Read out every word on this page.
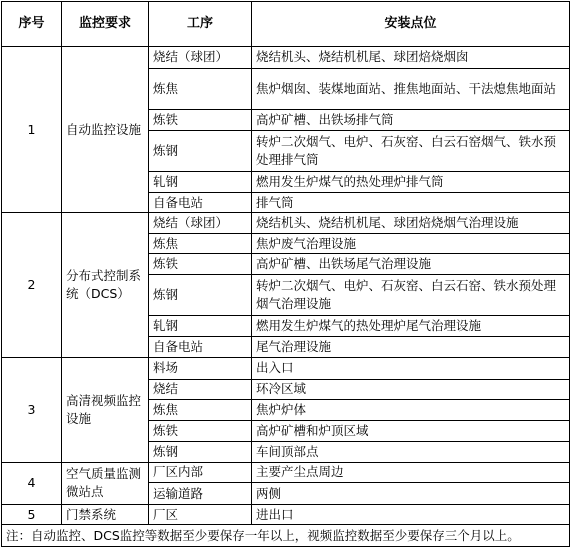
序号	监控要求	工序	安装点位
1	自动监控设施	烧结（球团）	烧结机头、烧结机机尾、球团焙烧烟囱
		炼焦	焦炉烟囱、装煤地面站、推焦地面站、干法熄焦地面站
		炼铁	高炉矿槽、出铁场排气筒
		炼钢	转炉二次烟气、电炉、石灰窑、白云石窑烟气、铁水预处理排气筒
		轧钢	燃用发生炉煤气的热处理炉排气筒
		自备电站	排气筒
2	分布式控制系统（DCS）	烧结（球团）	烧结机头、烧结机机尾、球团焙烧烟气治理设施
		炼焦	焦炉废气治理设施
		炼铁	高炉矿槽、出铁场尾气治理设施
		炼钢	转炉二次烟气、电炉、石灰窑、白云石窑、铁水预处理烟气治理设施
		轧钢	燃用发生炉煤气的热处理炉尾气治理设施
		自备电站	尾气治理设施
3	高清视频监控设施	料场	出入口
		烧结	环冷区域
		炼焦	焦炉炉体
		炼铁	高炉矿槽和炉顶区域
		炼钢	车间顶部点
4	空气质量监测微站点	厂区内部	主要产尘点周边
		运输道路	两侧
5	门禁系统	厂区	进出口
注：自动监控、DCS监控等数据至少要保存一年以上，视频监控数据至少要保存三个月以上。			
